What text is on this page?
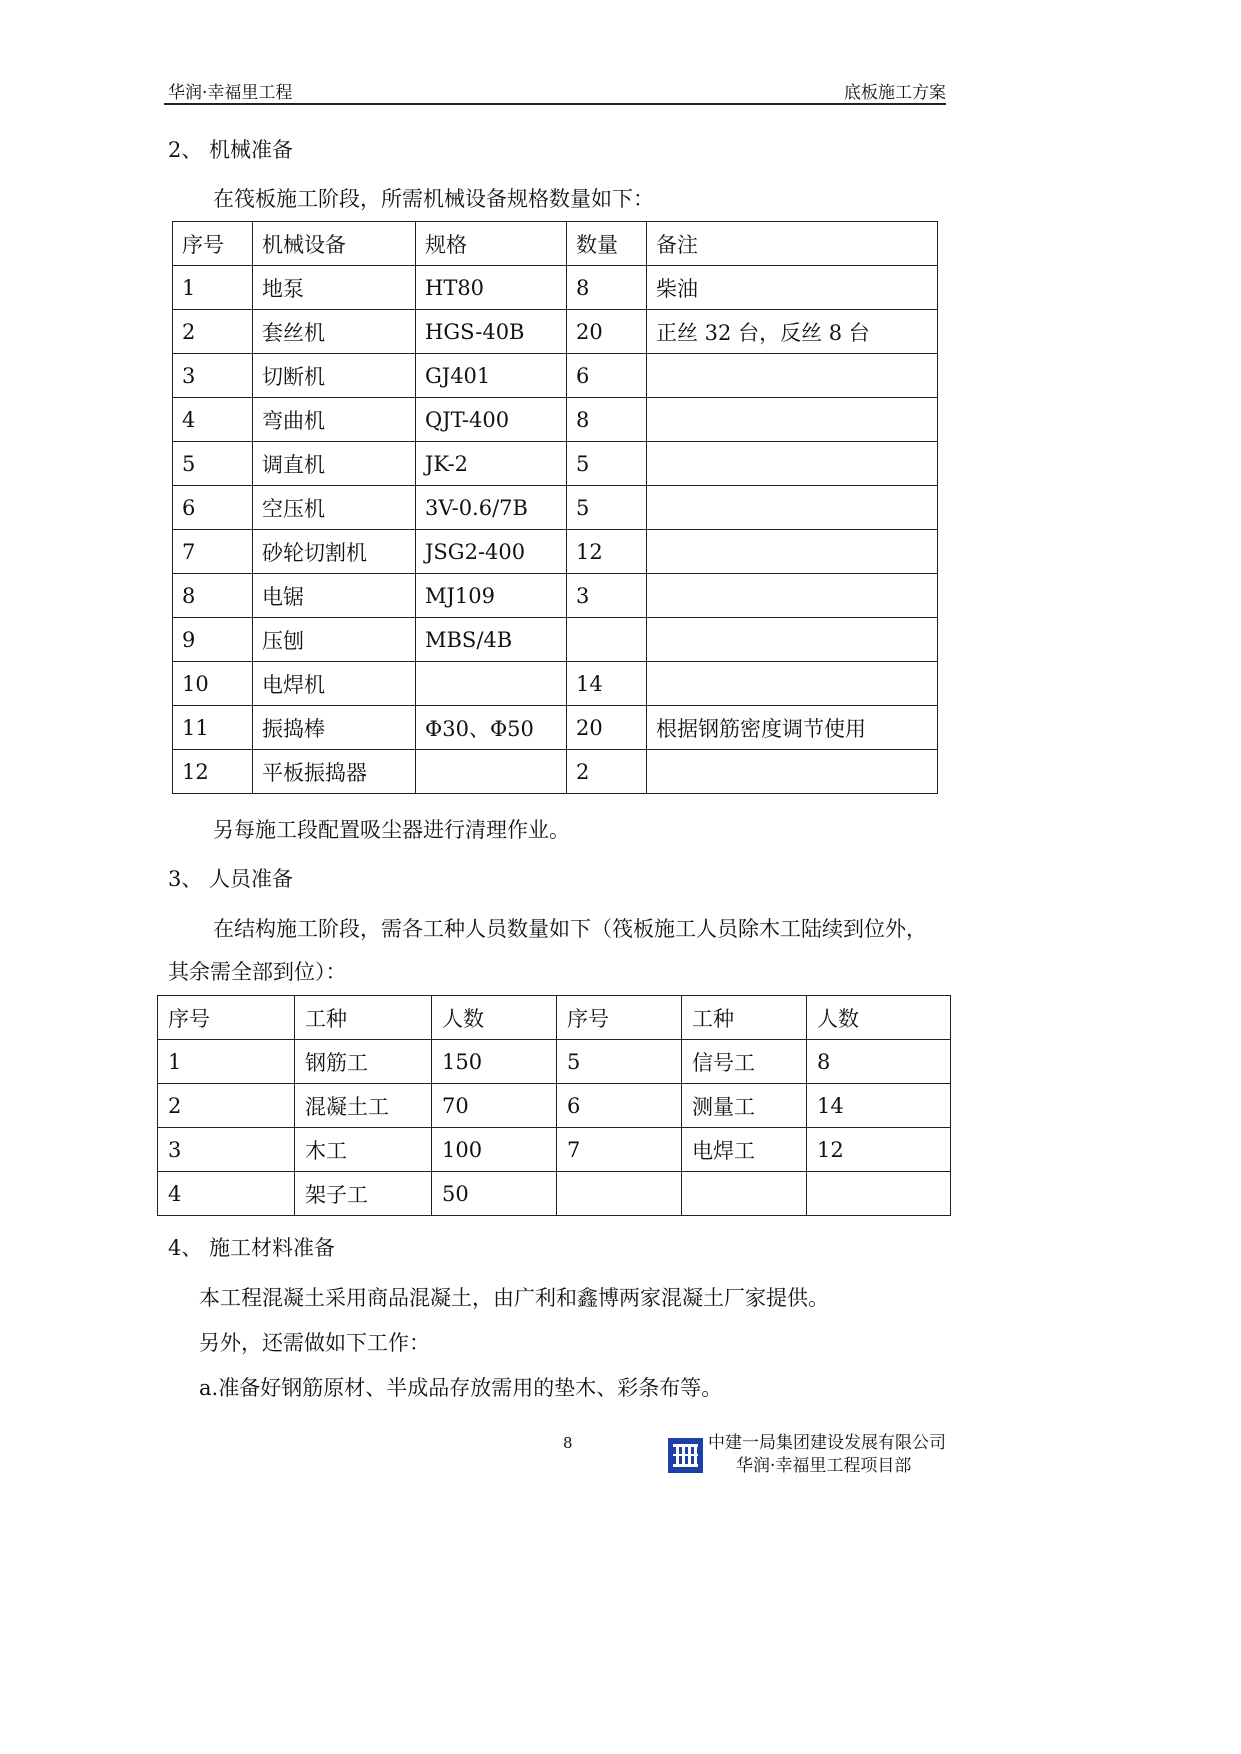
华润·幸福里工程	底板施工方案
2、 机械准备
在筏板施工阶段，所需机械设备规格数量如下：
序号	机械设备	规格	数量	备注
1	地泵	HT80	8	柴油
2	套丝机	HGS-40B	20	正丝 32 台，反丝 8 台
3	切断机	GJ401	6	
4	弯曲机	QJT-400	8	
5	调直机	JK-2	5	
6	空压机	3V-0.6/7B	5	
7	砂轮切割机	JSG2-400	12	
8	电锯	MJ109	3	
9	压刨	MBS/4B		
10	电焊机		14	
11	振捣棒	Φ30、Φ50	20	根据钢筋密度调节使用
12	平板振捣器		2	
另每施工段配置吸尘器进行清理作业。
3、 人员准备
在结构施工阶段，需各工种人员数量如下（筏板施工人员除木工陆续到位外，
其余需全部到位）：
序号	工种	人数	序号	工种	人数
1	钢筋工	150	5	信号工	8
2	混凝土工	70	6	测量工	14
3	木工	100	7	电焊工	12
4	架子工	50			
4、 施工材料准备
本工程混凝土采用商品混凝土，由广利和鑫博两家混凝土厂家提供。
另外，还需做如下工作：
a.准备好钢筋原材、半成品存放需用的垫木、彩条布等。
8	中建一局集团建设发展有限公司
华润·幸福里工程项目部
